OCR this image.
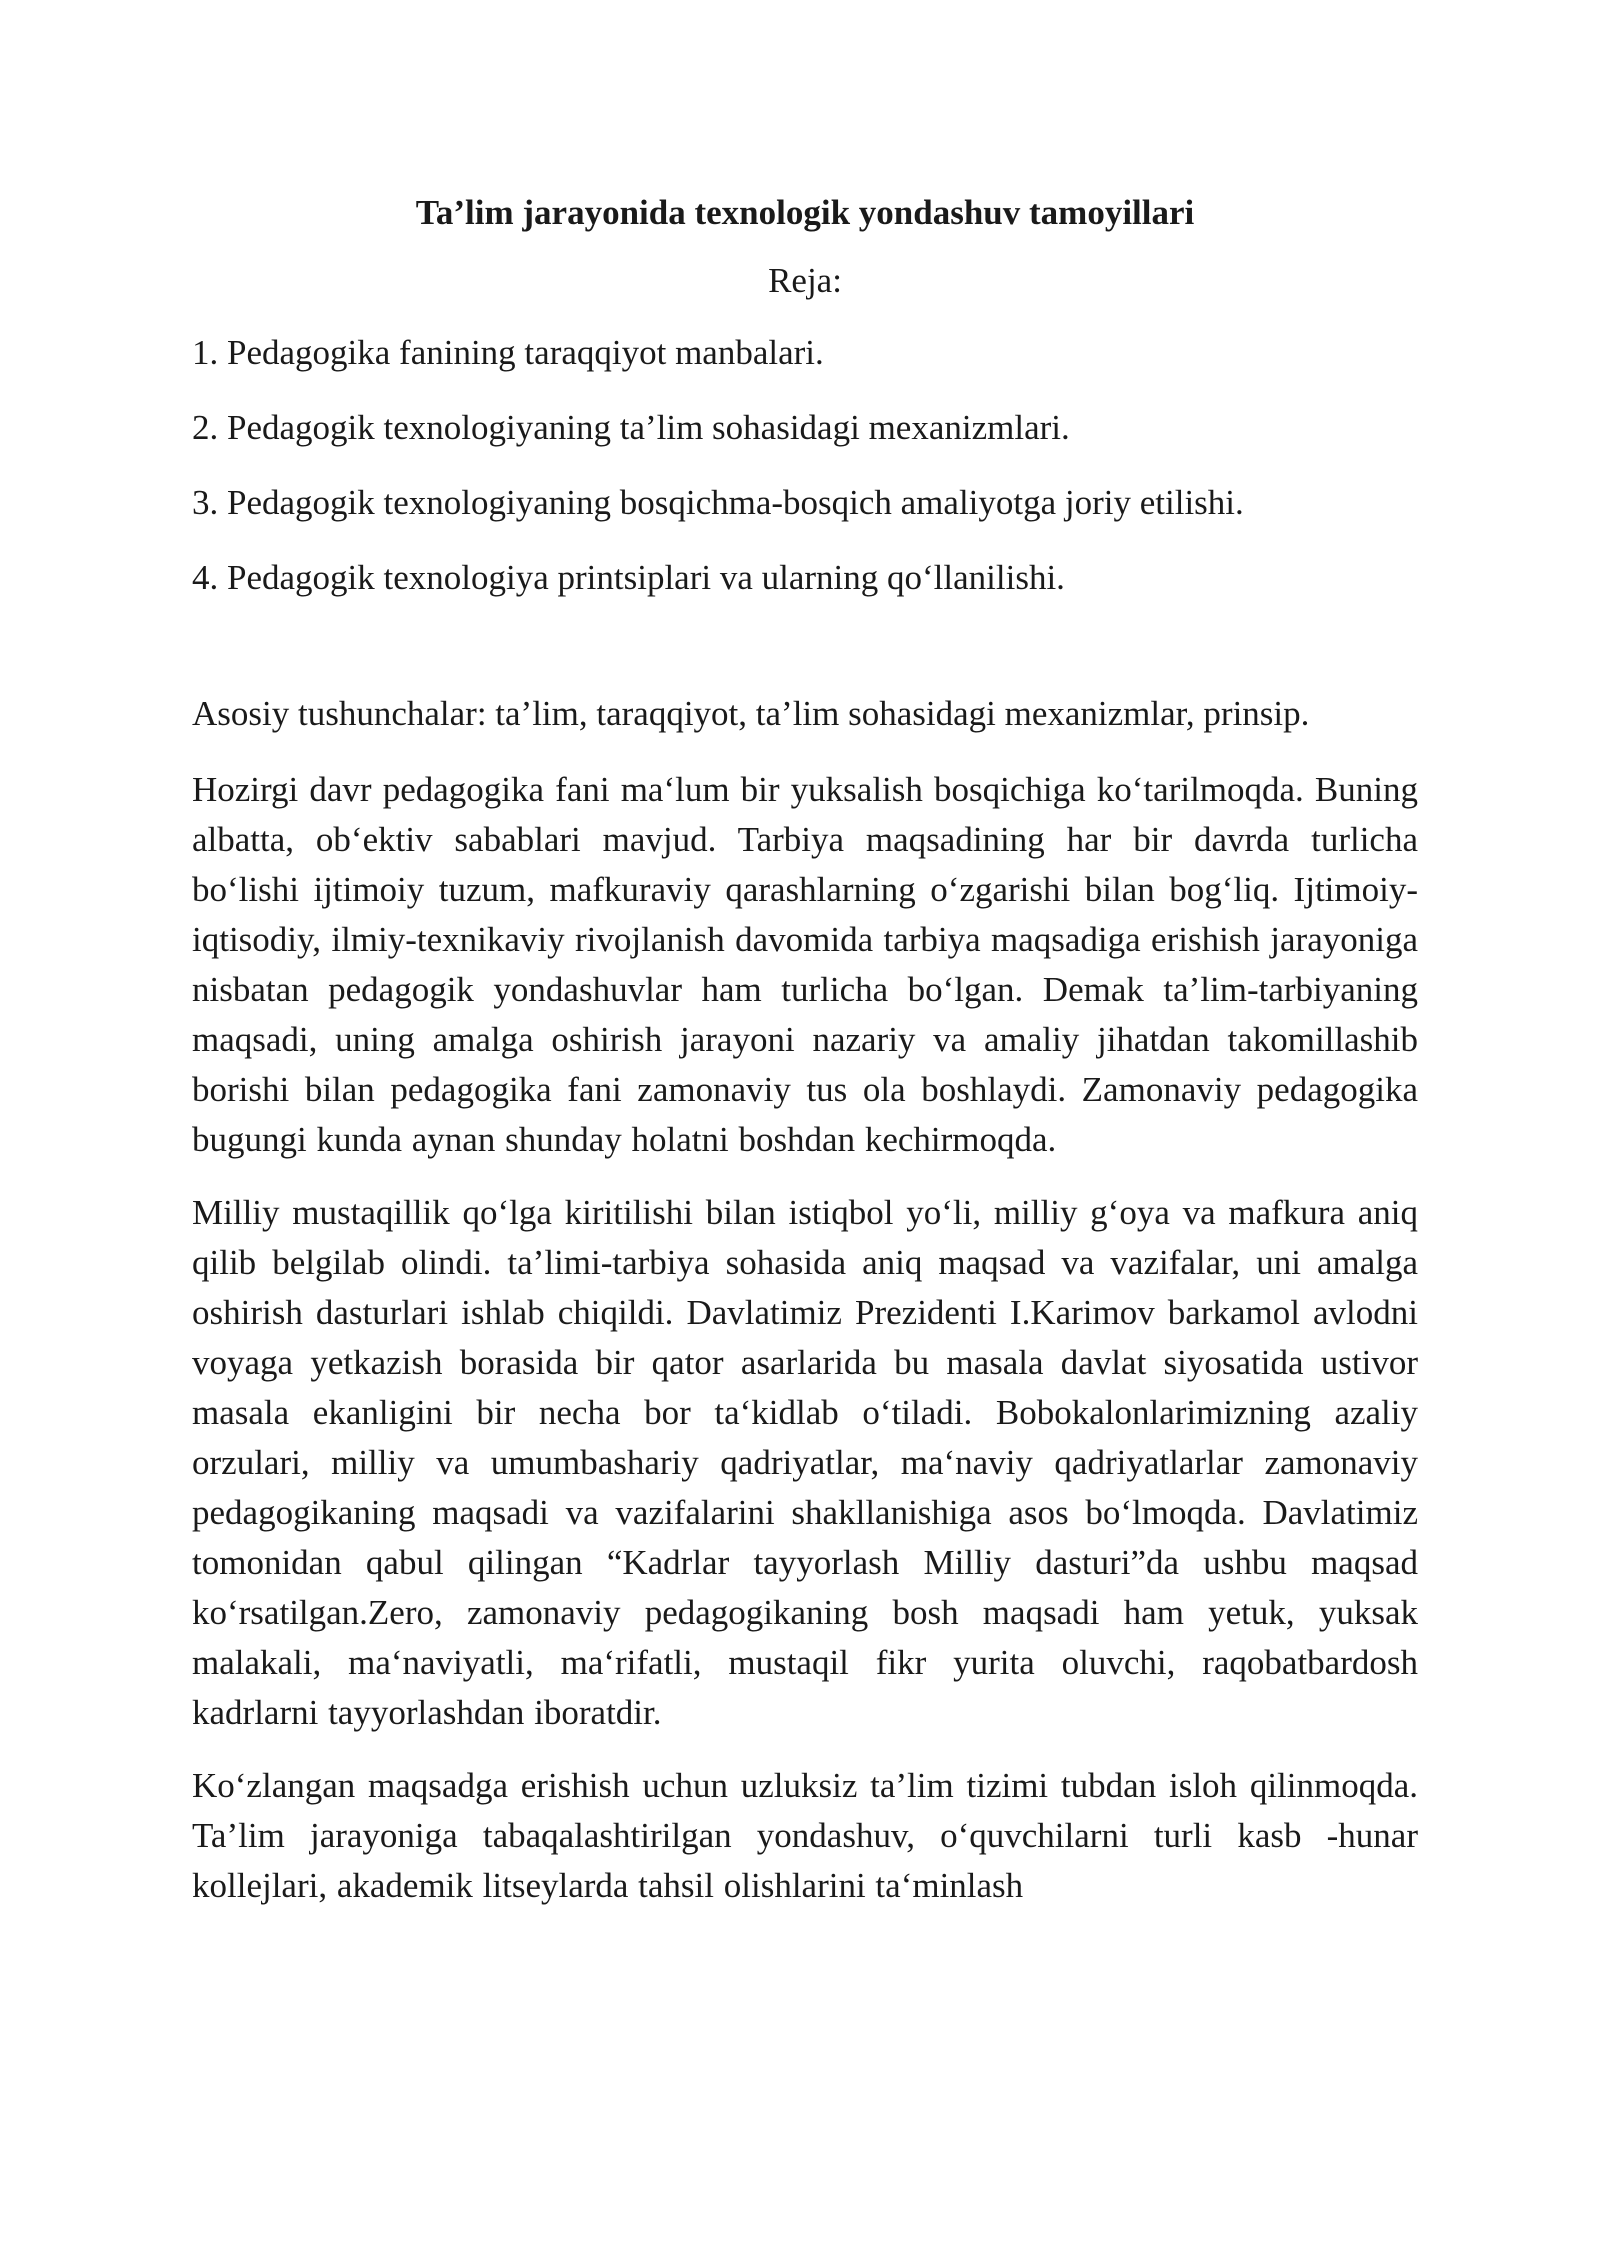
Ta’lim jarayonida texnologik yondashuv tamoyillari

Reja:

1. Pedagogika fanining taraqqiyot manbalari.
2. Pedagogik texnologiyaning ta’lim sohasidagi mexanizmlari.
3. Pedagogik texnologiyaning bosqichma-bosqich amaliyotga joriy etilishi.
4. Pedagogik texnologiya printsiplari va ularning qo‘llanilishi.

Asosiy tushunchalar: ta’lim, taraqqiyot, ta’lim sohasidagi mexanizmlar, prinsip.

Hozirgi davr pedagogika fani ma‘lum bir yuksalish bosqichiga ko‘tarilmoqda. Buning albatta, ob‘ektiv sabablari mavjud. Tarbiya maqsadining har bir davrda turlicha bo‘lishi ijtimoiy tuzum, mafkuraviy qarashlarning o‘zgarishi bilan bog‘liq. Ijtimoiy-iqtisodiy, ilmiy-texnikaviy rivojlanish davomida tarbiya maqsadiga erishish jarayoniga nisbatan pedagogik yondashuvlar ham turlicha bo‘lgan. Demak ta’lim-tarbiyaning maqsadi, uning amalga oshirish jarayoni nazariy va amaliy jihatdan takomillashib borishi bilan pedagogika fani zamonaviy tus ola boshlaydi. Zamonaviy pedagogika bugungi kunda aynan shunday holatni boshdan kechirmoqda.

Milliy mustaqillik qo‘lga kiritilishi bilan istiqbol yo‘li, milliy g‘oya va mafkura aniq qilib belgilab olindi. ta’limi-tarbiya sohasida aniq maqsad va vazifalar, uni amalga oshirish dasturlari ishlab chiqildi. Davlatimiz Prezidenti I.Karimov barkamol avlodni voyaga yetkazish borasida bir qator asarlarida bu masala davlat siyosatida ustivor masala ekanligini bir necha bor ta‘kidlab o‘tiladi. Bobokalonlarimizning azaliy orzulari, milliy va umumbashariy qadriyatlar, ma‘naviy qadriyatlarlar zamonaviy pedagogikaning maqsadi va vazifalarini shakllanishiga asos bo‘lmoqda. Davlatimiz tomonidan qabul qilingan “Kadrlar tayyorlash Milliy dasturi”da ushbu maqsad ko‘rsatilgan.Zero, zamonaviy pedagogikaning bosh maqsadi ham yetuk, yuksak malakali, ma‘naviyatli, ma‘rifatli, mustaqil fikr yurita oluvchi, raqobatbardosh kadrlarni tayyorlashdan iboratdir.

Ko‘zlangan maqsadga erishish uchun uzluksiz ta’lim tizimi tubdan isloh qilinmoqda. Ta’lim jarayoniga tabaqalashtirilgan yondashuv, o‘quvchilarni turli kasb -hunar kollejlari, akademik litseylarda tahsil olishlarini ta‘minlash
